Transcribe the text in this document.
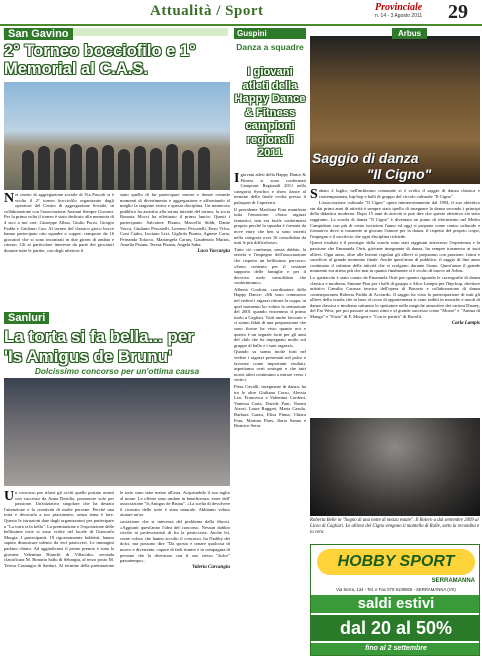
Attualità / Sport	Provinciale
n. 14 - 3 Agosto 2011 29
San Gavino
2° Torneo bocciofilo e 1° Memorial al C.A.S.
N ei centro di aggregazione sociale di Via Pascoli si è svolto il 2° torneo bocciofilo organizzato dagli operatori del Centro di aggregazione Sociale, in collaborazione con l'associazione Anziani Sempre Giovani. Per la prima volta il torneo è stato dedicato alla memoria di 4 soci a noi cari: Giuseppe Albus, Giulio Porru, Giorgio Fadda e Giuliano Cau. Al torneo del classico gioco bocce hanno partecipato otto squadre a coppie, composte da 16 giocatori che si sono incontrati in due giorni di andata e ritorno. Gli ai particolare interesse da parte dei giocatori durante tutte le partite, con degli ulteriori il

stato quello di far partecipare sonore e donne creando momenti di divertimento e aggregazione e affrontando al meglio la stagione estiva e questa disciplina. Un numeroso pubblico ha assistito alla serata iniziale del torneo, la socia Bonaria Mocci ha effettuato il primo lancio. Questi i partecipanti: Salvatore Pisanu, Marcello Siddi, Dante Vacca, Giuliano Pescatelli, Lorenzo Pescatelli, Enzo Vilca, Coni Ciabu, Luciano Lixi, Gigliola Pisanu, Agnese Caria, Fernanda Tolacco, Mariangela Carras, Gaudenzio Murtas, Anselia Pisanu, Teresa Pisanu, Angela Saba.

Luca Vaccargiu

Sanluri
La torta si fa bella... per
'Is Amigus de Brunu'
Dolcissimo concorso per un'ottima causa
U n concorso per rifarsi gli occhi quello portato avanti con successo da Anna Desidia, promotore solo per passione. Un'iniziativa singolare che ha destato l'attenzione e la creatività di molte persone. Perché una torta e decorarla a tuo piacimento, senza tema è fare. Questo le istruzioni date dagli organizzatori per partecipare a "La torta si fa bella". La premiazione e l'esposizione delle bellissime torte si sono svolte nel locale di Giancarlo Murgia. I partecipanti, 19 rigorosamente hobbisti, hanno saputo dimostrare talento da veri pasticceri. Le immagini parlano chiaro. Ad aggiudicarsi il primo premio è stata la giovane Valentina Bianchi di Villacidro, seconda classificata M. Bonaria Sallu di Sebargiu, al terzo posto M. Teresa Castangia di Sanluri. Al termine della premiazione le torte sono state messe all'asta. Acquistabile il suo taglio al nome. Le offerte sono andate in beneficenza: esser dell' associazione "Is Amigus de Brunu". «La scelta di devolvere il ricavato delle torte è stata naturale. Abbiamo voluto aiutare un'as-

sociazione che si interessa del problema della fibrosi. «Aggiunti quest'anno l'idea del concorso. Nessun dubbio rivolto ai professionisti di fra la pasticceria. Anche lei, come coloro che hanno accolto il concorso, ha l'hobby dei dolci, ma possono dire "Da sposta e ornare qualcosa di nuovo e divertente, capace di farli riunire e in compagnia di persone che la divertono con il suo stesso "dolce" passatempo».

Valeria Carcangiu

Guspini
Danza a squadre
I giovani atleti della Happy Dance & Fitness campioni regionali 2011
I giovani atleti della Happy Dance & Fitness si sono confermati Campioni Regionali 2011 nella categoria Synchro e show dance al termine della finale svolta presso il palasport di Capoterra.

Il presidente Marilena Frau manifesta tutta l'emozione: «Sono ragazzi fantastici, non era facile confermarsi proprio perché la squadra è formata da nove entry che ben si sono inseriti nella categoria over 16 consolidata da tutti le più difficoltose».

Tutto ciò conferma, senza dubbio, la serietà e l'impegno dell'associazione che rispetta un bellissimo percorso: «Sono contento per il costante supporto delle famiglie e per il decisivo ruolo consolidato che confermiamo».

Alberto Cordoni, coordinatore della Happy Dance: «Mi sono commosso nel vedere i ragazzi ritirare la coppa, in quel momento ho voluto la sensazione del 2001 quando vincemmo il primo titolo a Cagliari. Tutti anche lavorato e ci siamo fidati di una preparazione che sono fiorire ha visto quanto noi e questo è un segnale forte per gli anni del club che ha impegnato molto sul gruppo di ballo e i suoi ragazzi».

Quando su siamo molte forti nel vedere i ragazzi presentati nel palco e lavorare come importanti risultati, aspettiamo certi sostegni e che tutti nostri atleti continuino a mirare verso i vertici.

Piera Cavalli, insegnante di danza, ha tra le altre Giuliana Corso, Alessia Leo, Francesca e Valentina Cordoni, Vanessa Caria, Davide Pani, Noemi Atzori, Laura Ruggeri, Maria Casula, Barbara Garau, Elisa Pinna, Chiara Frau, Martina Piras, Ilaria Sanna e Beatrice Serra.

Arbus
Saggio di danza
"Il Cigno"
S abato 2 luglio, nell'anfiteatro comunale si è svolto il saggio di danza classica e contemporanea, hip-hop e balli di gruppo del circolo culturale "Il Cigno".

L'associazione culturale "Il Cigno" opera ininterrottamente dal 1994, il suo obiettivo sin dai primi anni di attività è sempre stato quello di insegnare la danza secondo i principi della didattica moderna. Dopo 15 anni di attività si può dire che questo obiettivo sia stato raggiunto. La scuola di danza "Il Cigno" è diventata un punto di riferimento nel Medio Campidano con più di cento iscrizioni l'anno ed oggi si propone come centro culturale e formativo dove si trasmette ai giovani l'amore per la danza, il rispetto del proprio corpo, l'impegno e il sacrificio che ogni disciplina richiede.

Questi risultati e il prestigio della scuola sono stati raggiunti attraverso l'esperienza e la passione che Emanuela Orrù, giovane insegnante di danza, ha sempre trasmesso ai suoi allievi. Ogni anno, oltre alle lezioni regolari gli allievi si preparano con passione, fatica e sacrificio al grande momento finale. Anche quest'anno di pubblico, il saggio di fine anno continuato il culmine delle attività che si svolgono durante l'anno. Quest'anno il grande momento era atteso più che mai in quanto finalmente si è svolto di nuovo ad Arbus.

Lo spettacolo è stato curato da Emanuela Orrù per quanto riguarda le coreografie di danza classica e moderna, Simone Pisu per i balli di gruppo e Alice Lampis per l'hip-hop, direttore artistico Camilio Carassa tecnico dell'opera di Busseto e collaborazione di danza contemporanea Roberta Fadda di Acciardo. Il saggio ha visto la partecipazione di tutti gli allievi della scuola che in base al corso di appartenenza si sono esibiti in musiche e assoli di danza classica e moderna catturato lo spettatore nelle magiche atmosfere dei cartoni Disney, del Far West, per poi passare ai maxi ritmi e al grande successo come "Mosse" e "Anima di Mango" e "Forte" di F. Morgesi e "Con te partirò" di Bocelli.

Carla Lampis

Roberta Belle in "Sogno di una notte di mezza estate". Il Bolero a dal settembre 2009 al Liceo di Cagliari. Le allieve del Cigno vengono il mantello di Rolle, sotto la recondita e la vera.
HOBBY SPORT
SERRAMANNA
Via Serra, 134 - Tel. e Fax 070 9138065 - SERRAMANNA (VS)
saldi estivi
dal 20 al 50%
fino al 2 settembre
